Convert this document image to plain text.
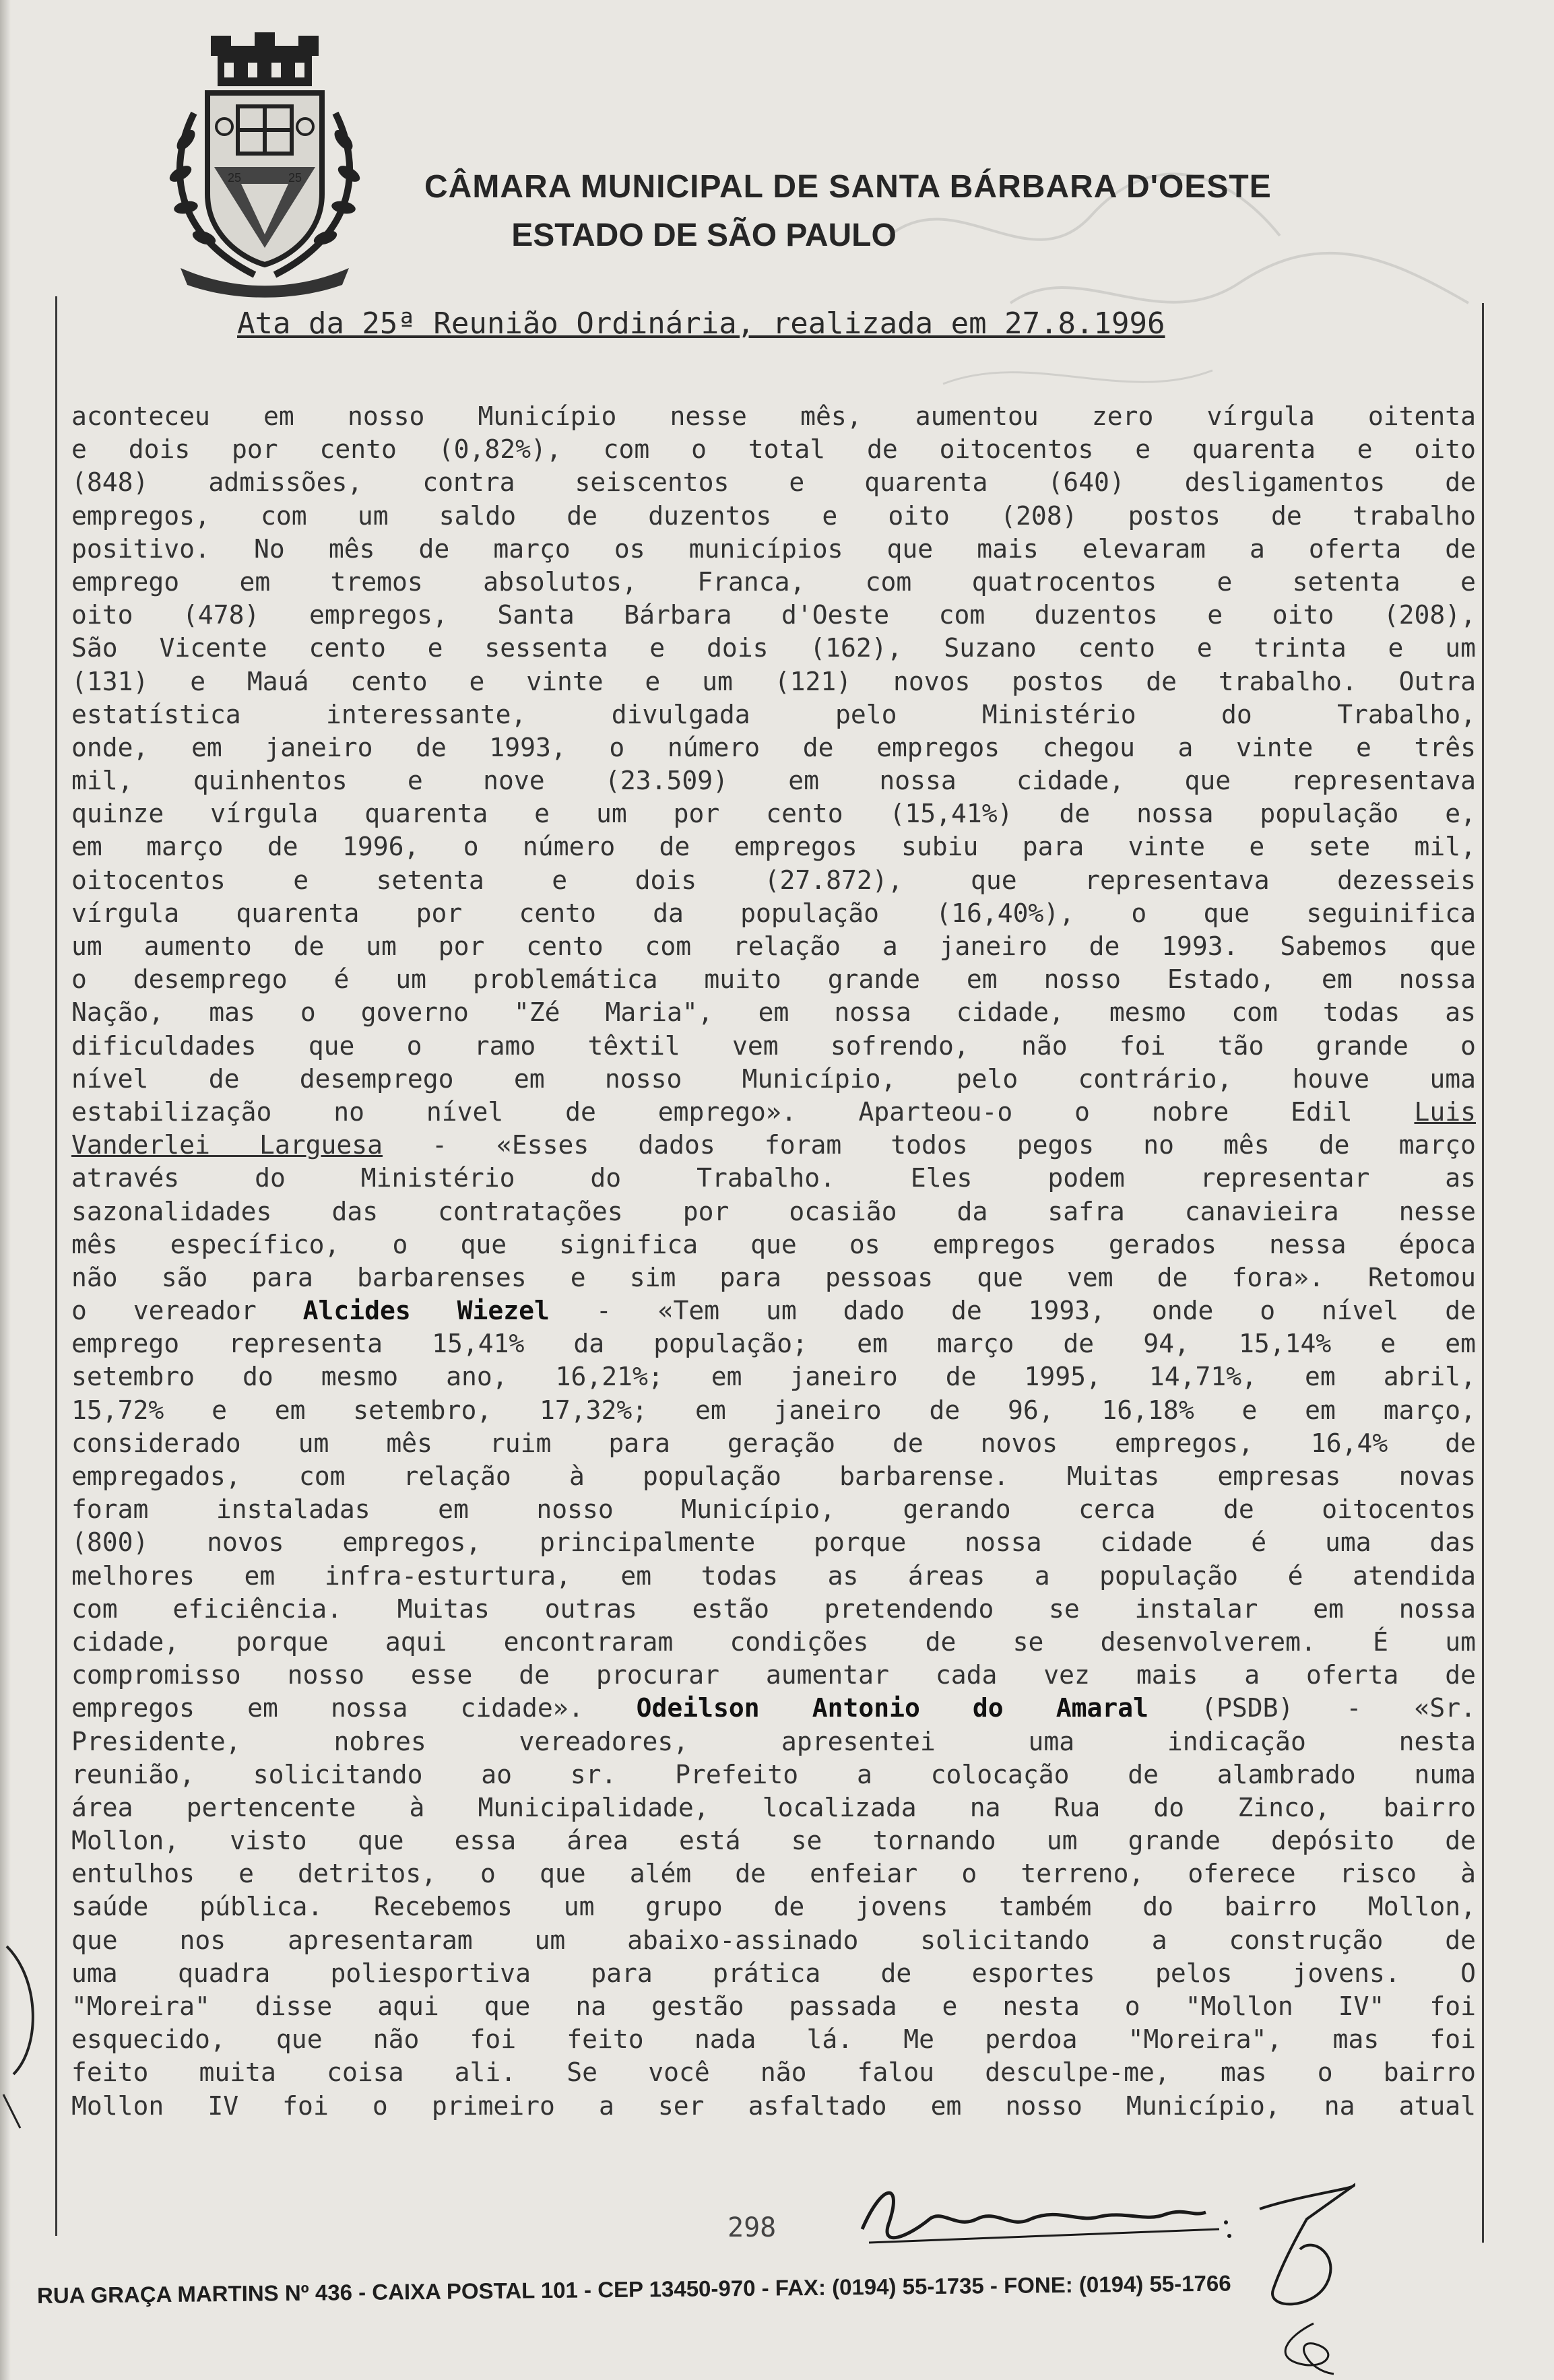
25	25	CÂMARA MUNICIPAL DE SANTA BÁRBARA D'OESTE
ESTADO DE SÃO PAULO
Ata da 25ª Reunião Ordinária, realizada em 27.8.1996
aconteceu em nosso Município nesse mês, aumentou zero vírgula oitenta
e dois por cento (0,82%), com o total de oitocentos e quarenta e oito
(848) admissões, contra seiscentos e quarenta (640) desligamentos de
empregos, com um saldo de duzentos e oito (208) postos de trabalho
positivo. No mês de março os municípios que mais elevaram a oferta de
emprego em tremos absolutos, Franca, com quatrocentos e setenta e
oito (478) empregos, Santa Bárbara d'Oeste com duzentos e oito (208),
São Vicente cento e sessenta e dois (162), Suzano cento e trinta e um
(131) e Mauá cento e vinte e um (121) novos postos de trabalho. Outra
estatística interessante, divulgada pelo Ministério do Trabalho,
onde, em janeiro de 1993, o número de empregos chegou a vinte e três
mil, quinhentos e nove (23.509) em nossa cidade, que representava
quinze vírgula quarenta e um por cento (15,41%) de nossa população e,
em março de 1996, o número de empregos subiu para vinte e sete mil,
oitocentos e setenta e dois (27.872), que representava dezesseis
vírgula quarenta por cento da população (16,40%), o que seguinifica
um aumento de um por cento com relação a janeiro de 1993. Sabemos que
o desemprego é um problemática muito grande em nosso Estado, em nossa
Nação, mas o governo "Zé Maria", em nossa cidade, mesmo com todas as
dificuldades que o ramo têxtil vem sofrendo, não foi tão grande o
nível de desemprego em nosso Município, pelo contrário, houve uma
estabilização no nível de emprego». Aparteou-o o nobre Edil Luis
Vanderlei Larguesa - «Esses dados foram todos pegos no mês de março
através do Ministério do Trabalho. Eles podem representar as
sazonalidades das contratações por ocasião da safra canavieira nesse
mês específico, o que significa que os empregos gerados nessa época
não são para barbarenses e sim para pessoas que vem de fora». Retomou
o vereador Alcides Wiezel - «Tem um dado de 1993, onde o nível de
emprego representa 15,41% da população; em março de 94, 15,14% e em
setembro do mesmo ano, 16,21%; em janeiro de 1995, 14,71%, em abril,
15,72% e em setembro, 17,32%; em janeiro de 96, 16,18% e em março,
considerado um mês ruim para geração de novos empregos, 16,4% de
empregados, com relação à população barbarense. Muitas empresas novas
foram instaladas em nosso Município, gerando cerca de oitocentos
(800) novos empregos, principalmente porque nossa cidade é uma das
melhores em infra-esturtura, em todas as áreas a população é atendida
com eficiência. Muitas outras estão pretendendo se instalar em nossa
cidade, porque aqui encontraram condições de se desenvolverem. É um
compromisso nosso esse de procurar aumentar cada vez mais a oferta de
empregos em nossa cidade». Odeilson Antonio do Amaral (PSDB) - «Sr.
Presidente, nobres vereadores, apresentei uma indicação nesta
reunião, solicitando ao sr. Prefeito a colocação de alambrado numa
área pertencente à Municipalidade, localizada na Rua do Zinco, bairro
Mollon, visto que essa área está se tornando um grande depósito de
entulhos e detritos, o que além de enfeiar o terreno, oferece risco à
saúde pública. Recebemos um grupo de jovens também do bairro Mollon,
que nos apresentaram um abaixo-assinado solicitando a construção de
uma quadra poliesportiva para prática de esportes pelos jovens. O
"Moreira" disse aqui que na gestão passada e nesta o "Mollon IV" foi
esquecido, que não foi feito nada lá. Me perdoa "Moreira", mas foi
feito muita coisa ali. Se você não falou desculpe-me, mas o bairro
Mollon IV foi o primeiro a ser asfaltado em nosso Município, na atual
298
RUA GRAÇA MARTINS Nº 436 - CAIXA POSTAL 101 - CEP 13450-970 - FAX: (0194) 55-1735 - FONE: (0194) 55-1766
